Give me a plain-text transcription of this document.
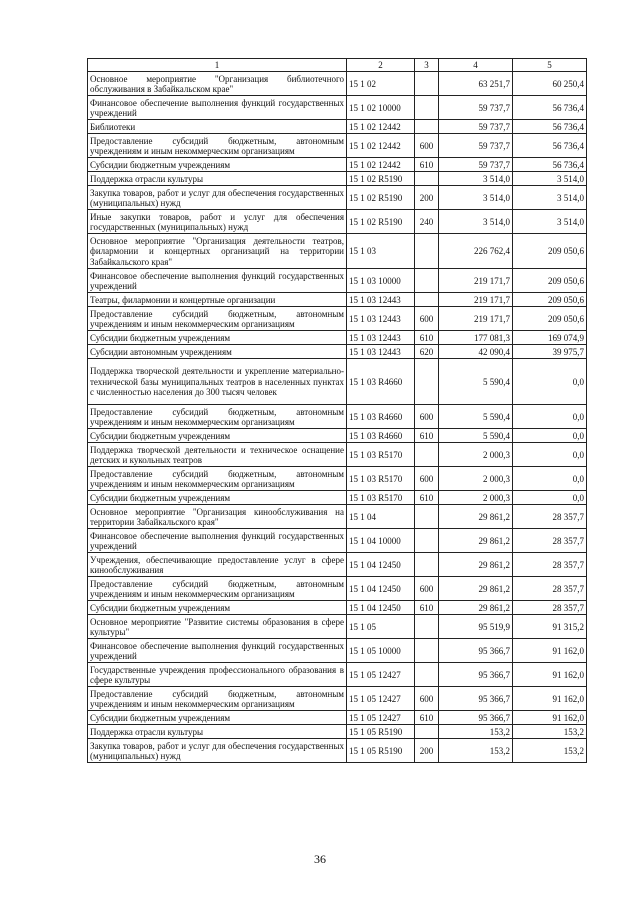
1	2	3	4	5
Основное мероприятие "Организация библиотечного обслуживания в Забайкальском крае"	15 1 02		63 251,7	60 250,4
Финансовое обеспечение выполнения функций государственных учреждений	15 1 02 10000		59 737,7	56 736,4
Библиотеки	15 1 02 12442		59 737,7	56 736,4
Предоставление субсидий бюджетным, автономным учреждениям и иным некоммерческим организациям	15 1 02 12442	600	59 737,7	56 736,4
Субсидии бюджетным учреждениям	15 1 02 12442	610	59 737,7	56 736,4
Поддержка отрасли культуры	15 1 02 R5190		3 514,0	3 514,0
Закупка товаров, работ и услуг для обеспечения государственных (муниципальных) нужд	15 1 02 R5190	200	3 514,0	3 514,0
Иные закупки товаров, работ и услуг для обеспечения государственных (муниципальных) нужд	15 1 02 R5190	240	3 514,0	3 514,0
Основное мероприятие "Организация деятельности театров, филармонии и концертных организаций на территории Забайкальского края"	15 1 03		226 762,4	209 050,6
Финансовое обеспечение выполнения функций государственных учреждений	15 1 03 10000		219 171,7	209 050,6
Театры, филармонии и концертные организации	15 1 03 12443		219 171,7	209 050,6
Предоставление субсидий бюджетным, автономным учреждениям и иным некоммерческим организациям	15 1 03 12443	600	219 171,7	209 050,6
Субсидии бюджетным учреждениям	15 1 03 12443	610	177 081,3	169 074,9
Субсидии автономным учреждениям	15 1 03 12443	620	42 090,4	39 975,7
Поддержка творческой деятельности и укрепление материально-технической базы муниципальных театров в населенных пунктах с численностью населения до 300 тысяч человек	15 1 03 R4660		5 590,4	0,0
Предоставление субсидий бюджетным, автономным учреждениям и иным некоммерческим организациям	15 1 03 R4660	600	5 590,4	0,0
Субсидии бюджетным учреждениям	15 1 03 R4660	610	5 590,4	0,0
Поддержка творческой деятельности и техническое оснащение детских и кукольных театров	15 1 03 R5170		2 000,3	0,0
Предоставление субсидий бюджетным, автономным учреждениям и иным некоммерческим организациям	15 1 03 R5170	600	2 000,3	0,0
Субсидии бюджетным учреждениям	15 1 03 R5170	610	2 000,3	0,0
Основное мероприятие "Организация кинообслуживания на территории Забайкальского края"	15 1 04		29 861,2	28 357,7
Финансовое обеспечение выполнения функций государственных учреждений	15 1 04 10000		29 861,2	28 357,7
Учреждения, обеспечивающие предоставление услуг в сфере кинообслуживания	15 1 04 12450		29 861,2	28 357,7
Предоставление субсидий бюджетным, автономным учреждениям и иным некоммерческим организациям	15 1 04 12450	600	29 861,2	28 357,7
Субсидии бюджетным учреждениям	15 1 04 12450	610	29 861,2	28 357,7
Основное мероприятие "Развитие системы образования в сфере культуры"	15 1 05		95 519,9	91 315,2
Финансовое обеспечение выполнения функций государственных учреждений	15 1 05 10000		95 366,7	91 162,0
Государственные учреждения профессионального образования в сфере культуры	15 1 05 12427		95 366,7	91 162,0
Предоставление субсидий бюджетным, автономным учреждениям и иным некоммерческим организациям	15 1 05 12427	600	95 366,7	91 162,0
Субсидии бюджетным учреждениям	15 1 05 12427	610	95 366,7	91 162,0
Поддержка отрасли культуры	15 1 05 R5190		153,2	153,2
Закупка товаров, работ и услуг для обеспечения государственных (муниципальных) нужд	15 1 05 R5190	200	153,2	153,2
36
